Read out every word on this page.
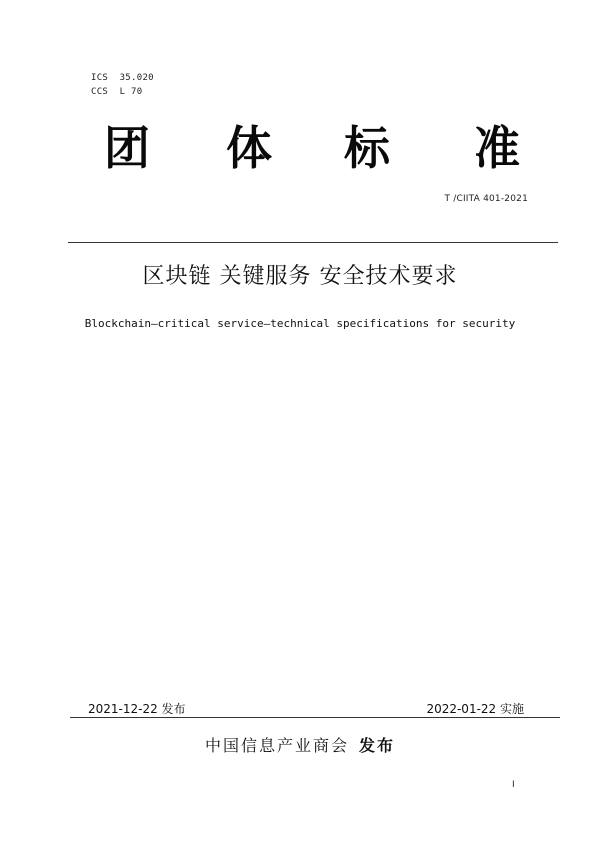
ICS  35.020
CCS  L 70
团 体 标 准
T /CIITA 401-2021
区块链 关键服务 安全技术要求
Blockchain—critical service—technical specifications for security
2021-12-22 发布	2022-01-22 实施
中国信息产业商会 发布
I
